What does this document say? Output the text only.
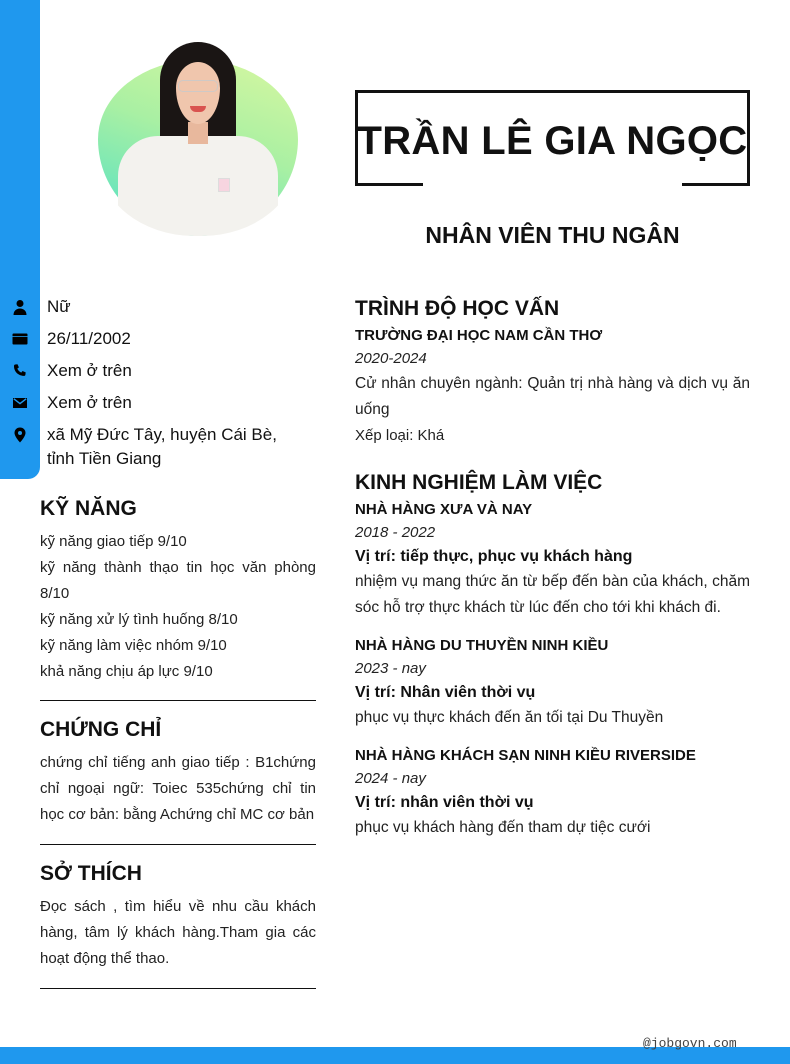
TRẦN LÊ GIA NGỌC
NHÂN VIÊN THU NGÂN
Nữ
26/11/2002
Xem ở trên
Xem ở trên
xã Mỹ Đức Tây, huyện Cái Bè, tỉnh Tiền Giang
KỸ NĂNG
kỹ năng giao tiếp 9/10
kỹ năng thành thạo tin học văn phòng 8/10
kỹ năng xử lý tình huống 8/10
kỹ năng làm việc nhóm 9/10
khả năng chịu áp lực 9/10
CHỨNG CHỈ
chứng chỉ tiếng anh giao tiếp : B1chứng chỉ ngoại ngữ: Toiec 535chứng chỉ tin học cơ bản: bằng Achứng chỉ MC cơ bản
SỞ THÍCH
Đọc sách , tìm hiểu về nhu cầu khách hàng, tâm lý khách hàng.Tham gia các hoạt động thể thao.
TRÌNH ĐỘ HỌC VẤN
TRƯỜNG ĐẠI HỌC NAM CẦN THƠ
2020-2024
Cử nhân chuyên ngành: Quản trị nhà hàng và dịch vụ ăn uống
Xếp loại: Khá
KINH NGHIỆM LÀM VIỆC
NHÀ HÀNG XƯA VÀ NAY
2018 - 2022
Vị trí: tiếp thực, phục vụ khách hàng
nhiệm vụ mang thức ăn từ bếp đến bàn của khách, chăm sóc hỗ trợ thực khách từ lúc đến cho tới khi khách đi.
NHÀ HÀNG DU THUYỀN NINH KIỀU
2023 - nay
Vị trí: Nhân viên thời vụ
phục vụ thực khách đến ăn tối tại Du Thuyền
NHÀ HÀNG KHÁCH SẠN NINH KIỀU RIVERSIDE
2024 - nay
Vị trí: nhân viên thời vụ
phục vụ khách hàng đến tham dự tiệc cưới
@jobgovn.com
